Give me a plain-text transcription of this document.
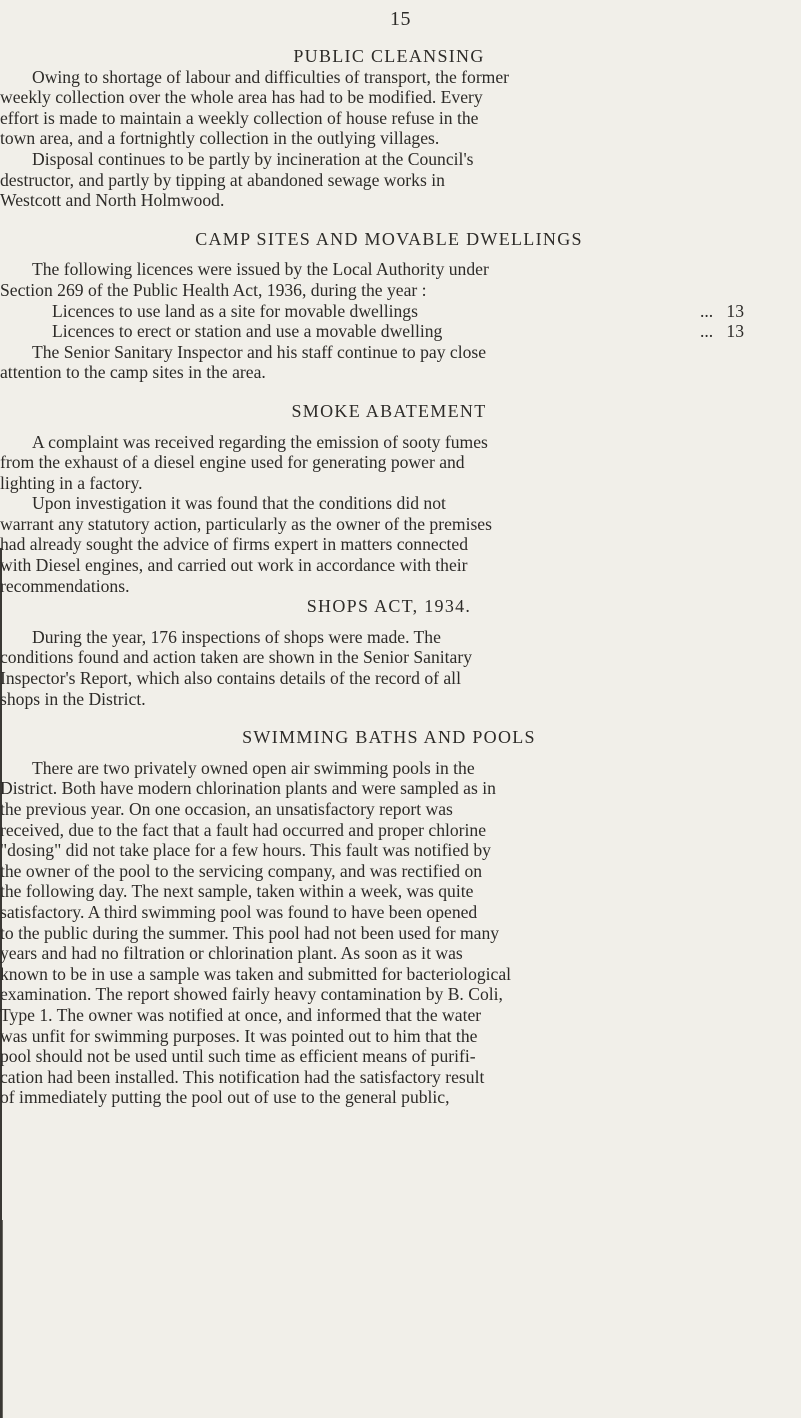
15
PUBLIC CLEANSING

Owing to shortage of labour and difficulties of transport, the former
weekly collection over the whole area has had to be modified. Every
effort is made to maintain a weekly collection of house refuse in the
town area, and a fortnightly collection in the outlying villages.

Disposal continues to be partly by incineration at the Council's
destructor, and partly by tipping at abandoned sewage works in
Westcott and North Holmwood.

CAMP SITES AND MOVABLE DWELLINGS

The following licences were issued by the Local Authority under
Section 269 of the Public Health Act, 1936, during the year :

Licences to use land as a site for movable dwellings	... 13
Licences to erect or station and use a movable dwelling	... 13

The Senior Sanitary Inspector and his staff continue to pay close
attention to the camp sites in the area.

SMOKE ABATEMENT

A complaint was received regarding the emission of sooty fumes
from the exhaust of a diesel engine used for generating power and
lighting in a factory.

Upon investigation it was found that the conditions did not
warrant any statutory action, particularly as the owner of the premises
had already sought the advice of firms expert in matters connected
with Diesel engines, and carried out work in accordance with their
recommendations.

SHOPS ACT, 1934.

During the year, 176 inspections of shops were made. The
conditions found and action taken are shown in the Senior Sanitary
Inspector's Report, which also contains details of the record of all
shops in the District.

SWIMMING BATHS AND POOLS

There are two privately owned open air swimming pools in the
District. Both have modern chlorination plants and were sampled as in
the previous year. On one occasion, an unsatisfactory report was
received, due to the fact that a fault had occurred and proper chlorine
"dosing" did not take place for a few hours. This fault was notified by
the owner of the pool to the servicing company, and was rectified on
the following day. The next sample, taken within a week, was quite
satisfactory. A third swimming pool was found to have been opened
to the public during the summer. This pool had not been used for many
years and had no filtration or chlorination plant. As soon as it was
known to be in use a sample was taken and submitted for bacteriological
examination. The report showed fairly heavy contamination by B. Coli,
Type 1. The owner was notified at once, and informed that the water
was unfit for swimming purposes. It was pointed out to him that the
pool should not be used until such time as efficient means of purifi-
cation had been installed. This notification had the satisfactory result
of immediately putting the pool out of use to the general public,
